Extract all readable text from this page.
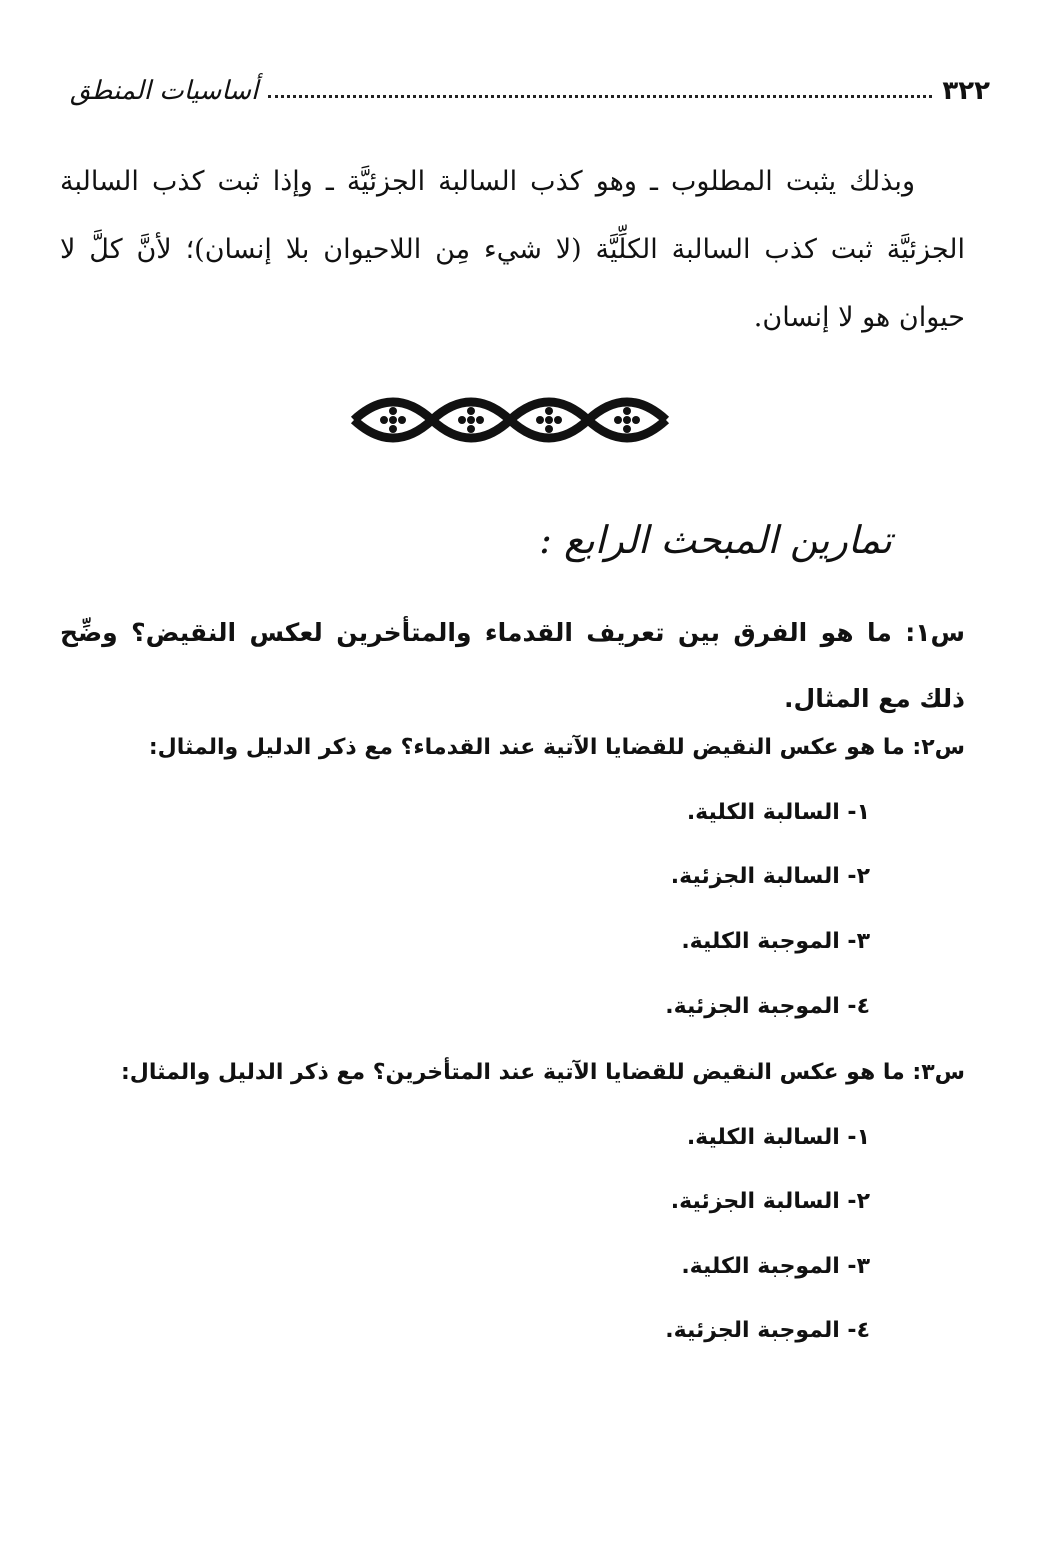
٣٢٢
أساسيات المنطق
وبذلك يثبت المطلوب ـ وهو كذب السالبة الجزئيَّة ـ وإذا ثبت كذب السالبة الجزئيَّة ثبت كذب السالبة الكلِّيَّة (لا شيء مِن اللاحيوان بلا إنسان)؛ لأنَّ كلَّ لا حيوان هو لا إنسان.
تمارين المبحث الرابع :
س١: ما هو الفرق بين تعريف القدماء والمتأخرين لعكس النقيض؟ وضِّح ذلك مع المثال.
س٢: ما هو عكس النقيض للقضايا الآتية عند القدماء؟ مع ذكر الدليل والمثال:
١- السالبة الكلية.
٢- السالبة الجزئية.
٣- الموجبة الكلية.
٤- الموجبة الجزئية.
س٣: ما هو عكس النقيض للقضايا الآتية عند المتأخرين؟ مع ذكر الدليل والمثال:
١- السالبة الكلية.
٢- السالبة الجزئية.
٣- الموجبة الكلية.
٤- الموجبة الجزئية.
